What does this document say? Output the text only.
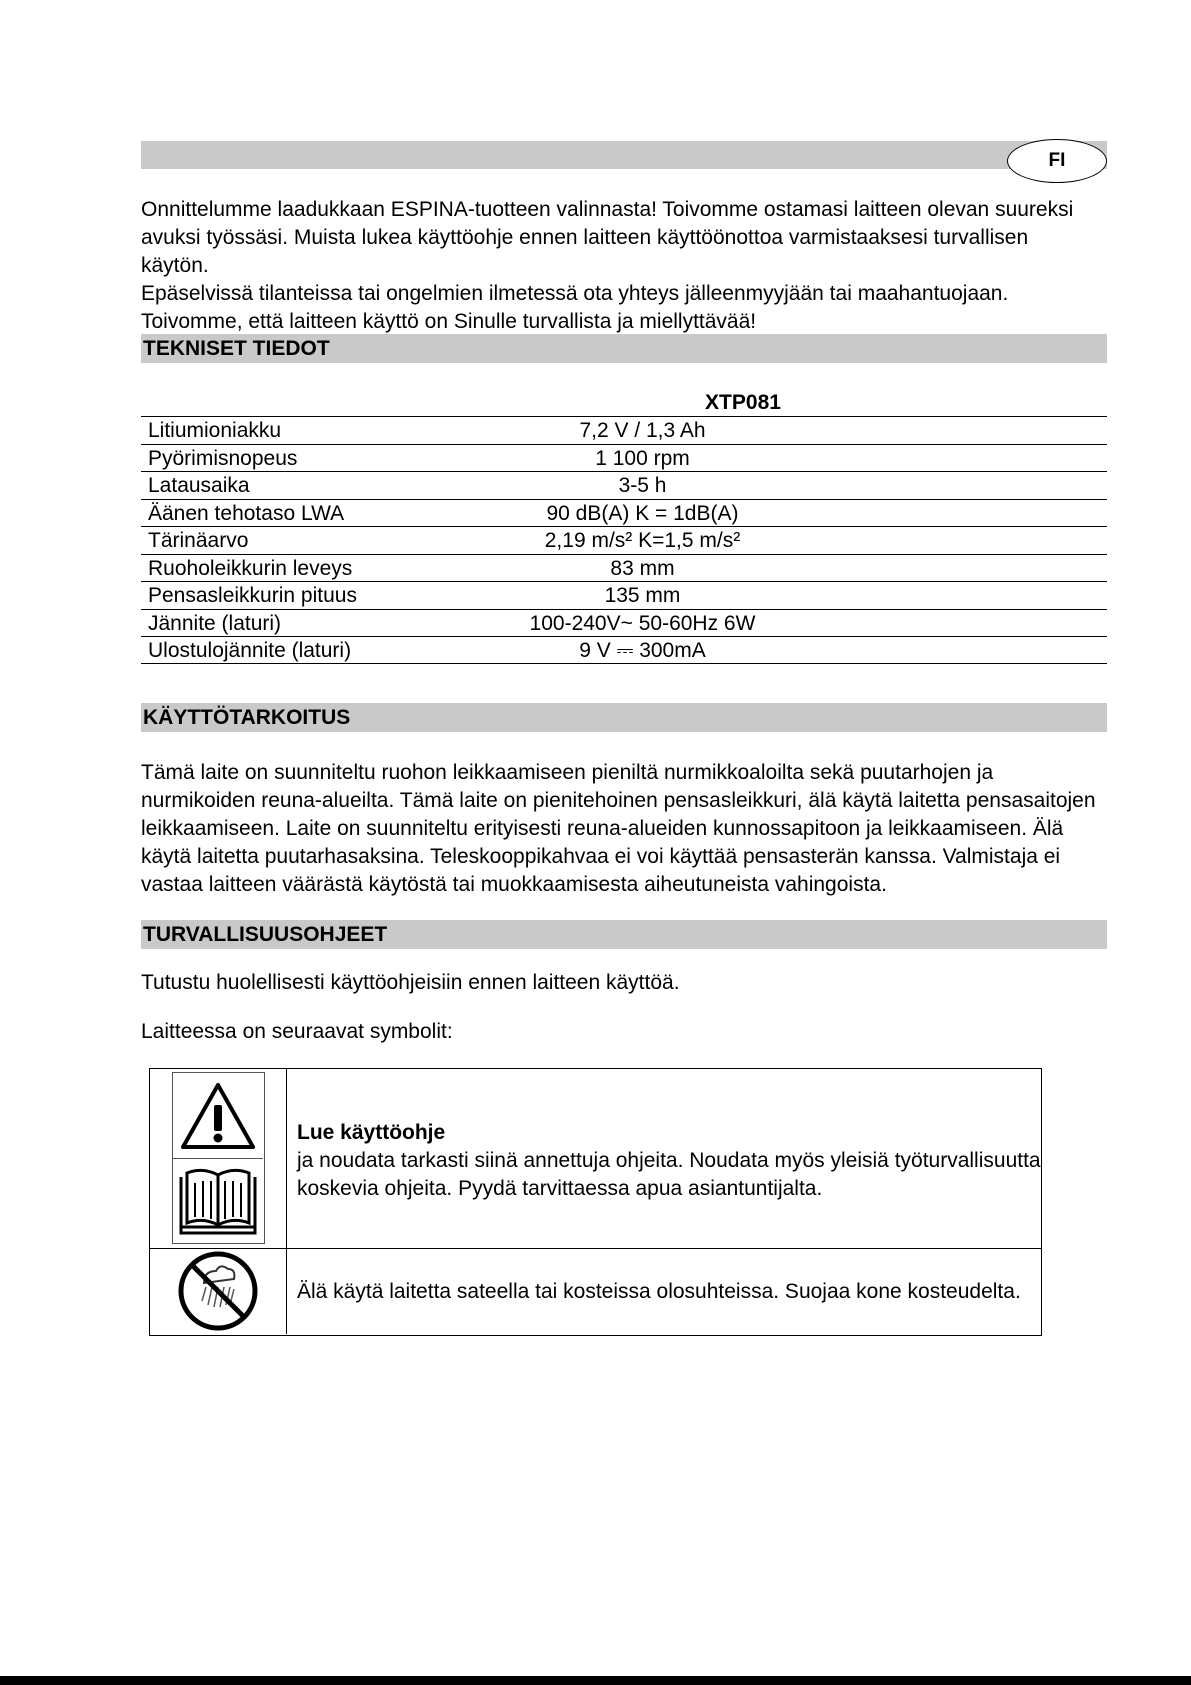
FI

Onnittelumme laadukkaan ESPINA-tuotteen valinnasta! Toivomme ostamasi laitteen olevan suureksi

avuksi työssäsi. Muista lukea käyttöohje ennen laitteen käyttöönottoa varmistaaksesi turvallisen käytön.

Epäselvissä tilanteissa tai ongelmien ilmetessä ota yhteys jälleenmyyjään tai maahantuojaan.

Toivomme, että laitteen käyttö on Sinulle turvallista ja miellyttävää!

TEKNISET TIEDOT
XTP081
Litiumioniakku	7,2 V / 1,3 Ah
Pyörimisnopeus	1 100 rpm
Latausaika	3-5 h
Äänen tehotaso LWA	90 dB(A) K = 1dB(A)
Tärinäarvo	2,19 m/s² K=1,5 m/s²
Ruoholeikkurin leveys	83 mm
Pensasleikkurin pituus	135 mm
Jännite (laturi)	100-240V~ 50-60Hz 6W
Ulostulojännite (laturi)	9 V ⎓ 300mA
KÄYTTÖTARKOITUS
Tämä laite on suunniteltu ruohon leikkaamiseen pieniltä nurmikkoaloilta sekä puutarhojen ja
nurmikoiden reuna-alueilta. Tämä laite on pienitehoinen pensasleikkuri, älä käytä laitetta pensasaitojen
leikkaamiseen. Laite on suunniteltu erityisesti reuna-alueiden kunnossapitoon ja leikkaamiseen. Älä
käytä laitetta puutarhasaksina. Teleskooppikahvaa ei voi käyttää pensasterän kanssa. Valmistaja ei
vastaa laitteen väärästä käytöstä tai muokkaamisesta aiheutuneista vahingoista.
TURVALLISUUSOHJEET
Tutustu huolellisesti käyttöohjeisiin ennen laitteen käyttöä.
Laitteessa on seuraavat symbolit:
Lue käyttöohje
ja noudata tarkasti siinä annettuja ohjeita. Noudata myös yleisiä työturvallisuutta
koskevia ohjeita. Pyydä tarvittaessa apua asiantuntijalta.
Älä käytä laitetta sateella tai kosteissa olosuhteissa. Suojaa kone kosteudelta.
